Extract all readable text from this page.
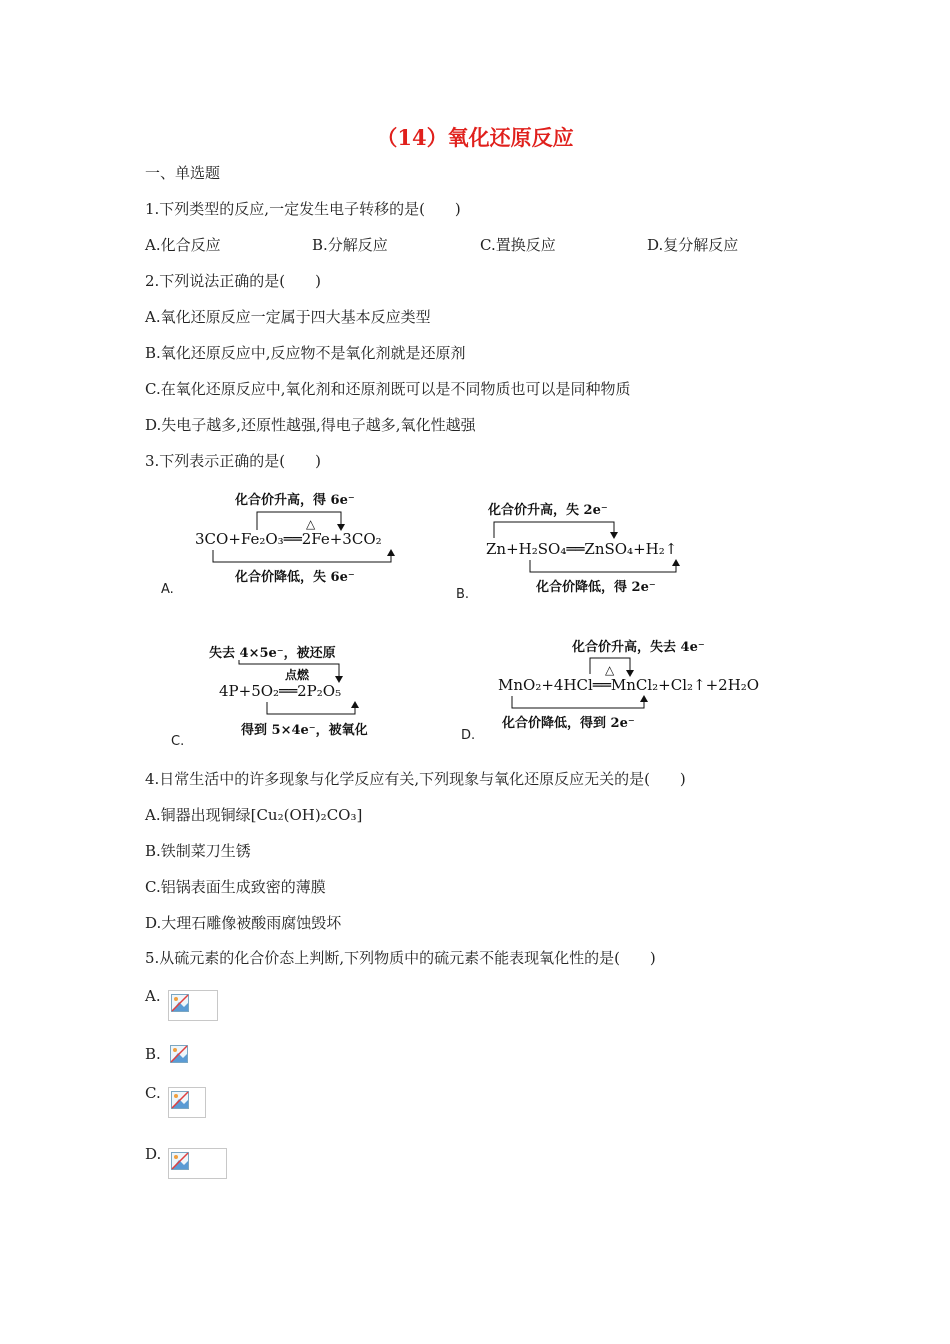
（14）氧化还原反应
一、单选题
1.下列类型的反应,一定发生电子转移的是(　　)
A.化合反应	B.分解反应	C.置换反应	D.复分解反应
2.下列说法正确的是(　　)
A.氧化还原反应一定属于四大基本反应类型
B.氧化还原反应中,反应物不是氧化剂就是还原剂
C.在氧化还原反应中,氧化剂和还原剂既可以是不同物质也可以是同种物质
D.失电子越多,还原性越强,得电子越多,氧化性越强
3.下列表示正确的是(　　)
化合价升高，得 6e⁻
△
3CO+Fe₂O₃══2Fe+3CO₂
化合价降低，失 6e⁻
A.
化合价升高，失 2e⁻
Zn+H₂SO₄══ZnSO₄+H₂↑
化合价降低，得 2e⁻
B.
失去 4×5e⁻，被还原
点燃
4P+5O₂══2P₂O₅
得到 5×4e⁻，被氧化
C.
化合价升高，失去 4e⁻
△
MnO₂+4HCl══MnCl₂+Cl₂↑+2H₂O
化合价降低，得到 2e⁻
D.
4.日常生活中的许多现象与化学反应有关,下列现象与氧化还原反应无关的是(　　)
A.铜器出现铜绿[Cu₂(OH)₂CO₃]
B.铁制菜刀生锈
C.铝锅表面生成致密的薄膜
D.大理石雕像被酸雨腐蚀毁坏
5.从硫元素的化合价态上判断,下列物质中的硫元素不能表现氧化性的是(　　)
A.
B.
C.
D.
